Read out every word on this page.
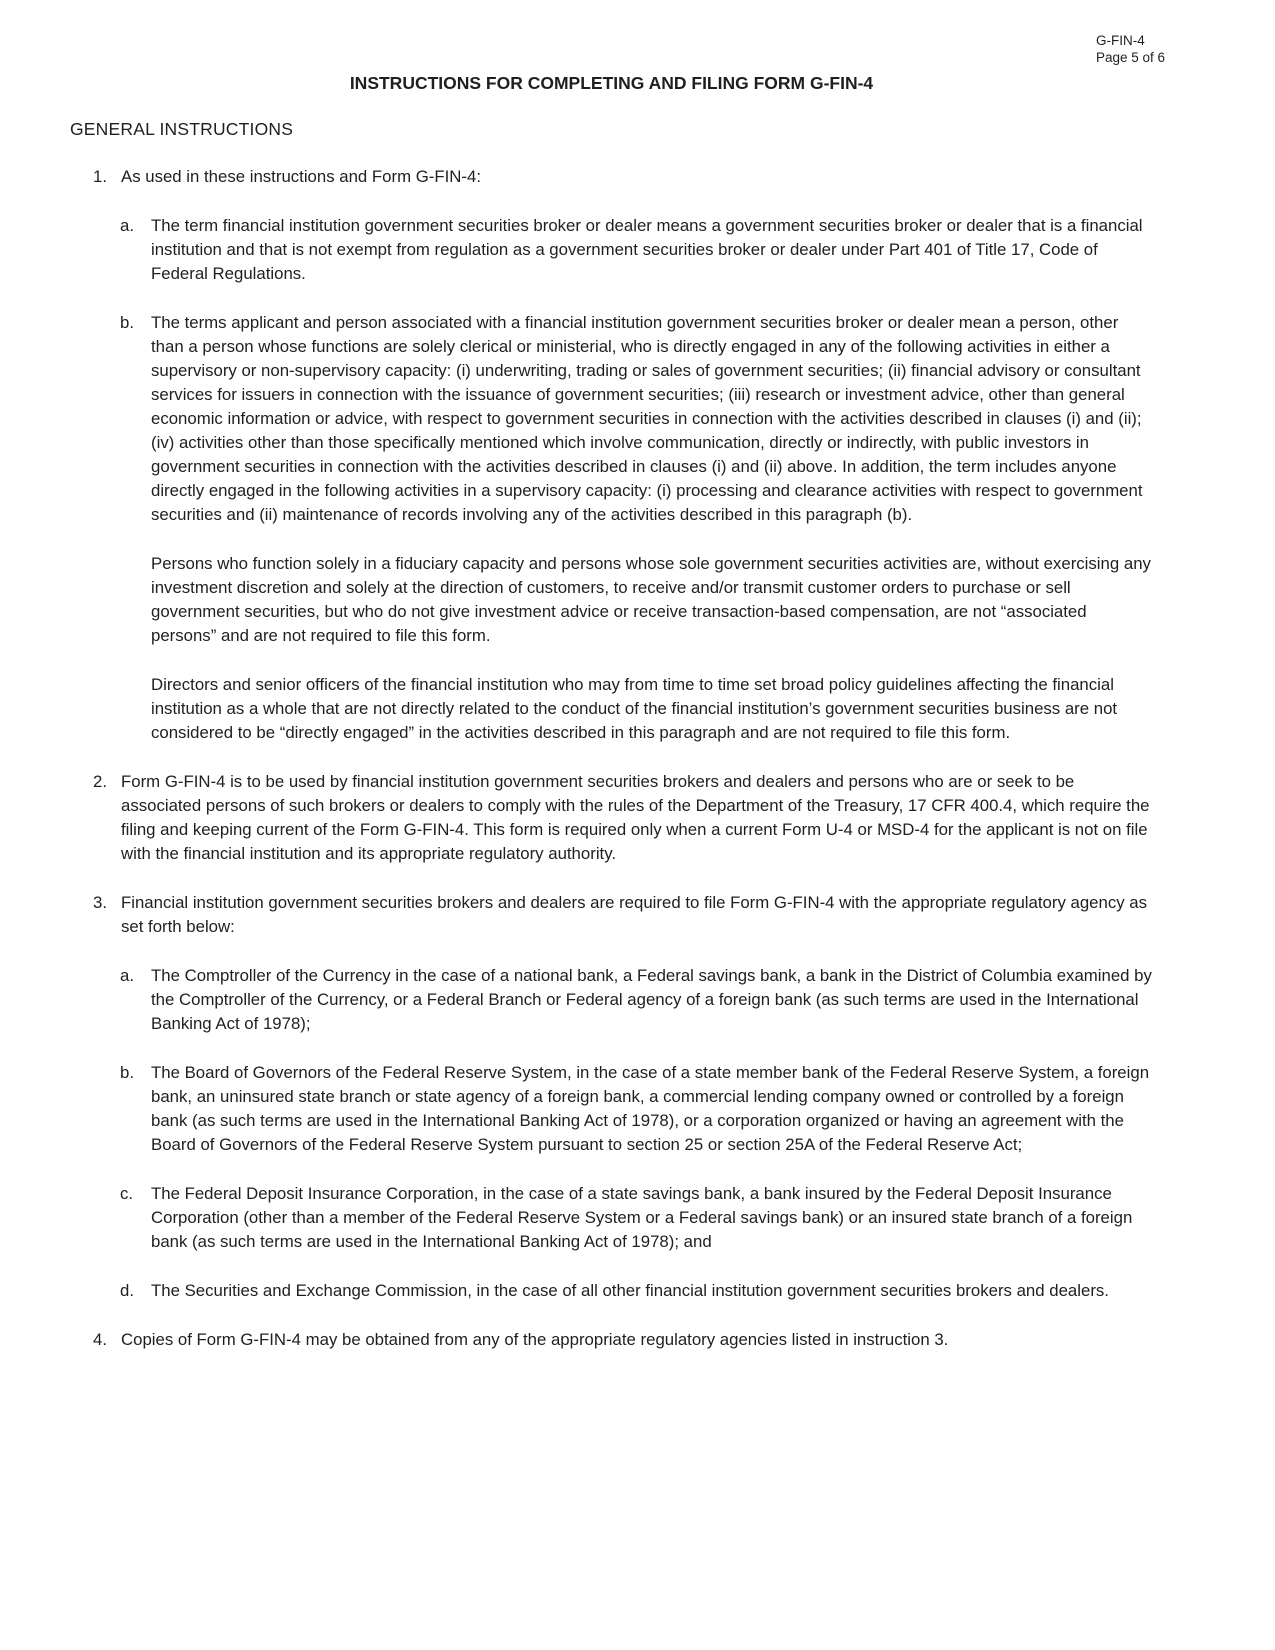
G-FIN-4
Page 5 of 6
INSTRUCTIONS FOR COMPLETING AND FILING FORM G-FIN-4
GENERAL INSTRUCTIONS
1. As used in these instructions and Form G-FIN-4:

a.	The term financial institution government securities broker or dealer means a government securities broker or dealer that is a financial institution and that is not exempt from regulation as a government securities broker or dealer under Part 401 of Title 17, Code of Federal Regulations.

b.	The terms applicant and person associated with a financial institution government securities broker or dealer mean a person, other than a person whose functions are solely clerical or ministerial, who is directly engaged in any of the following activities in either a supervisory or non-supervisory capacity: (i) underwriting, trading or sales of government securities; (ii) financial advisory or consultant services for issuers in connection with the issuance of government securities; (iii) research or investment advice, other than general economic information or advice, with respect to government securities in connection with the activities described in clauses (i) and (ii); (iv) activities other than those specifically mentioned which involve communication, directly or indirectly, with public investors in government securities in connection with the activities described in clauses (i) and (ii) above. In addition, the term includes anyone directly engaged in the following activities in a supervisory capacity: (i) processing and clearance activities with respect to government securities and (ii) maintenance of records involving any of the activities described in this paragraph (b).

Persons who function solely in a fiduciary capacity and persons whose sole government securities activities are, without exercising any investment discretion and solely at the direction of customers, to receive and/or transmit customer orders to purchase or sell government securities, but who do not give investment advice or receive transaction-based compensation, are not “associated persons” and are not required to file this form.

Directors and senior officers of the financial institution who may from time to time set broad policy guidelines affecting the financial institution as a whole that are not directly related to the conduct of the financial institution’s government securities business are not considered to be “directly engaged” in the activities described in this paragraph and are not required to file this form.

2. Form G-FIN-4 is to be used by financial institution government securities brokers and dealers and persons who are or seek to be associated persons of such brokers or dealers to comply with the rules of the Department of the Treasury, 17 CFR 400.4, which require the filing and keeping current of the Form G-FIN-4. This form is required only when a current Form U-4 or MSD-4 for the applicant is not on file with the financial institution and its appropriate regulatory authority.

3. Financial institution government securities brokers and dealers are required to file Form G-FIN-4 with the appropriate regulatory agency as set forth below:

a.	The Comptroller of the Currency in the case of a national bank, a Federal savings bank, a bank in the District of Columbia examined by the Comptroller of the Currency, or a Federal Branch or Federal agency of a foreign bank (as such terms are used in the International Banking Act of 1978);

b.	The Board of Governors of the Federal Reserve System, in the case of a state member bank of the Federal Reserve System, a foreign bank, an uninsured state branch or state agency of a foreign bank, a commercial lending company owned or controlled by a foreign bank (as such terms are used in the International Banking Act of 1978), or a corporation organized or having an agreement with the Board of Governors of the Federal Reserve System pursuant to section 25 or section 25A of the Federal Reserve Act;

c.	The Federal Deposit Insurance Corporation, in the case of a state savings bank, a bank insured by the Federal Deposit Insurance Corporation (other than a member of the Federal Reserve System or a Federal savings bank) or an insured state branch of a foreign bank (as such terms are used in the International Banking Act of 1978); and

d.	The Securities and Exchange Commission, in the case of all other financial institution government securities brokers and dealers.

4. Copies of Form G-FIN-4 may be obtained from any of the appropriate regulatory agencies listed in instruction 3.
